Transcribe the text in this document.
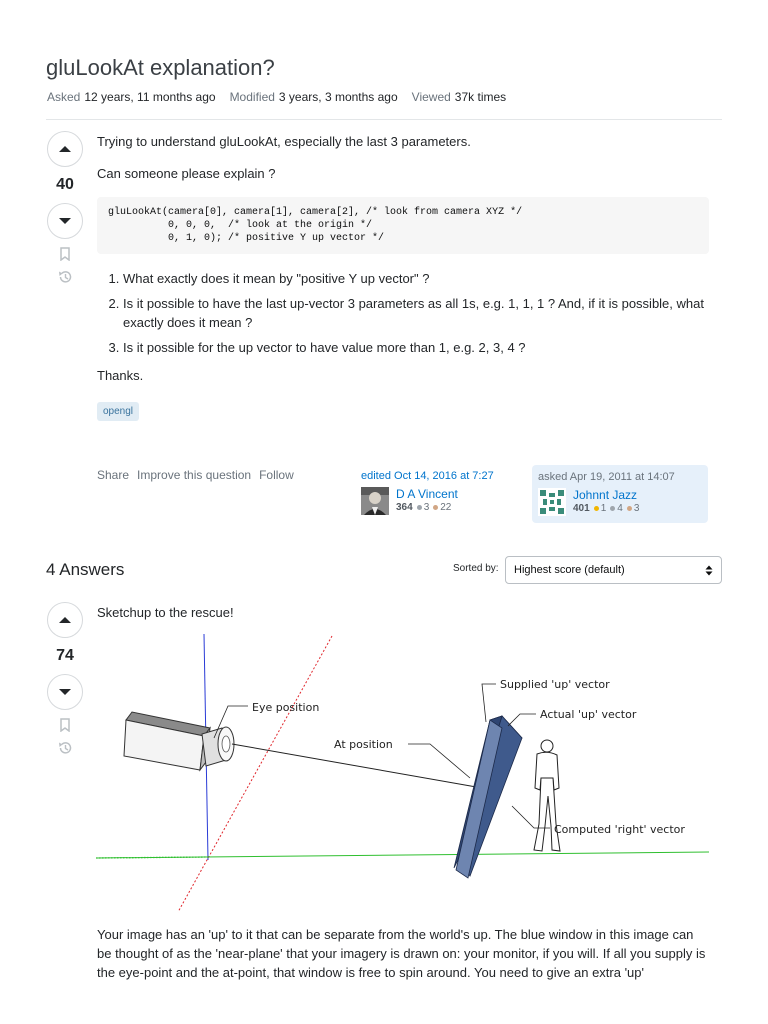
gluLookAt explanation?
Asked 12 years, 11 months ago Modified 3 years, 3 months ago Viewed 37k times
40

Trying to understand gluLookAt, especially the last 3 parameters.

Can someone please explain ?

gluLookAt(camera[0], camera[1], camera[2], /* look from camera XYZ */
0, 0, 0,  /* look at the origin */
0, 1, 0); /* positive Y up vector */
1. What exactly does it mean by "positive Y up vector" ?
2. Is it possible to have the last up-vector 3 parameters as all 1s, e.g. 1, 1, 1 ? And, if it is possible, what exactly does it mean ?
3. Is it possible for the up vector to have value more than 1, e.g. 2, 3, 4 ?

Thanks.

opengl
Share Improve this question Follow	edited Oct 14, 2016 at 7:27
D A Vincent
364	3	22
asked Apr 19, 2011 at 14:07
Johnnt Jazz
401	1	4	3
4 Answers	Sorted by: Highest score (default)
74

Sketchup to the rescue!

Supplied 'up' vector
Actual 'up' vector
Eye position
At position
Computed 'right' vector

Your image has an 'up' to it that can be separate from the world's up. The blue window in this image can be thought of as the 'near-plane' that your imagery is drawn on: your monitor, if you will. If all you supply is the eye-point and the at-point, that window is free to spin around. You need to give an extra 'up'
